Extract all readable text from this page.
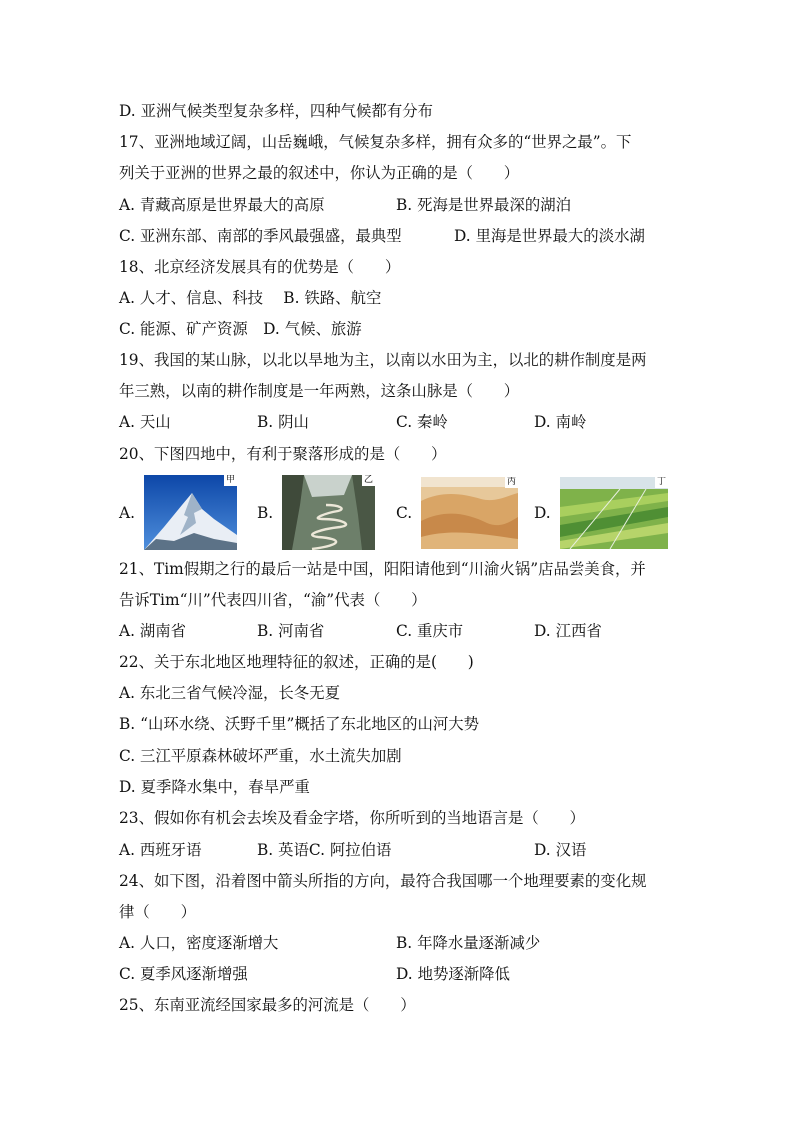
D. 亚洲气候类型复杂多样，四种气候都有分布
17、亚洲地域辽阔，山岳巍峨，气候复杂多样，拥有众多的“世界之最”。下
列关于亚洲的世界之最的叙述中，你认为正确的是（　　）
A. 青藏高原是世界最大的高原	B. 死海是世界最深的湖泊
C. 亚洲东部、南部的季风最强盛，最典型	D. 里海是世界最大的淡水湖
18、北京经济发展具有的优势是（　　）
A. 人才、信息、科技　 B. 铁路、航空
C. 能源、矿产资源　D. 气候、旅游
19、我国的某山脉，以北以旱地为主，以南以水田为主，以北的耕作制度是两
年三熟，以南的耕作制度是一年两熟，这条山脉是（　　）
A. 天山	B. 阴山	C. 秦岭	D. 南岭
20、下图四地中，有利于聚落形成的是（　　）
A.
甲
B.
乙
C.
丙
D.
丁
21、Tim假期之行的最后一站是中国，阳阳请他到“川渝火锅”店品尝美食，并
告诉Tim“川”代表四川省，“渝”代表（　　）
A. 湖南省	B. 河南省	C. 重庆市	D. 江西省
22、关于东北地区地理特征的叙述，正确的是(　　)
A. 东北三省气候冷湿，长冬无夏
B. “山环水绕、沃野千里”概括了东北地区的山河大势
C. 三江平原森林破坏严重，水土流失加剧
D. 夏季降水集中，春旱严重
23、假如你有机会去埃及看金字塔，你所听到的当地语言是（　　）
A. 西班牙语	B. 英语C. 阿拉伯语	D. 汉语
24、如下图，沿着图中箭头所指的方向，最符合我国哪一个地理要素的变化规
律（　　）
A. 人口，密度逐渐增大	B. 年降水量逐渐减少
C. 夏季风逐渐增强	D. 地势逐渐降低
25、东南亚流经国家最多的河流是（　　）
